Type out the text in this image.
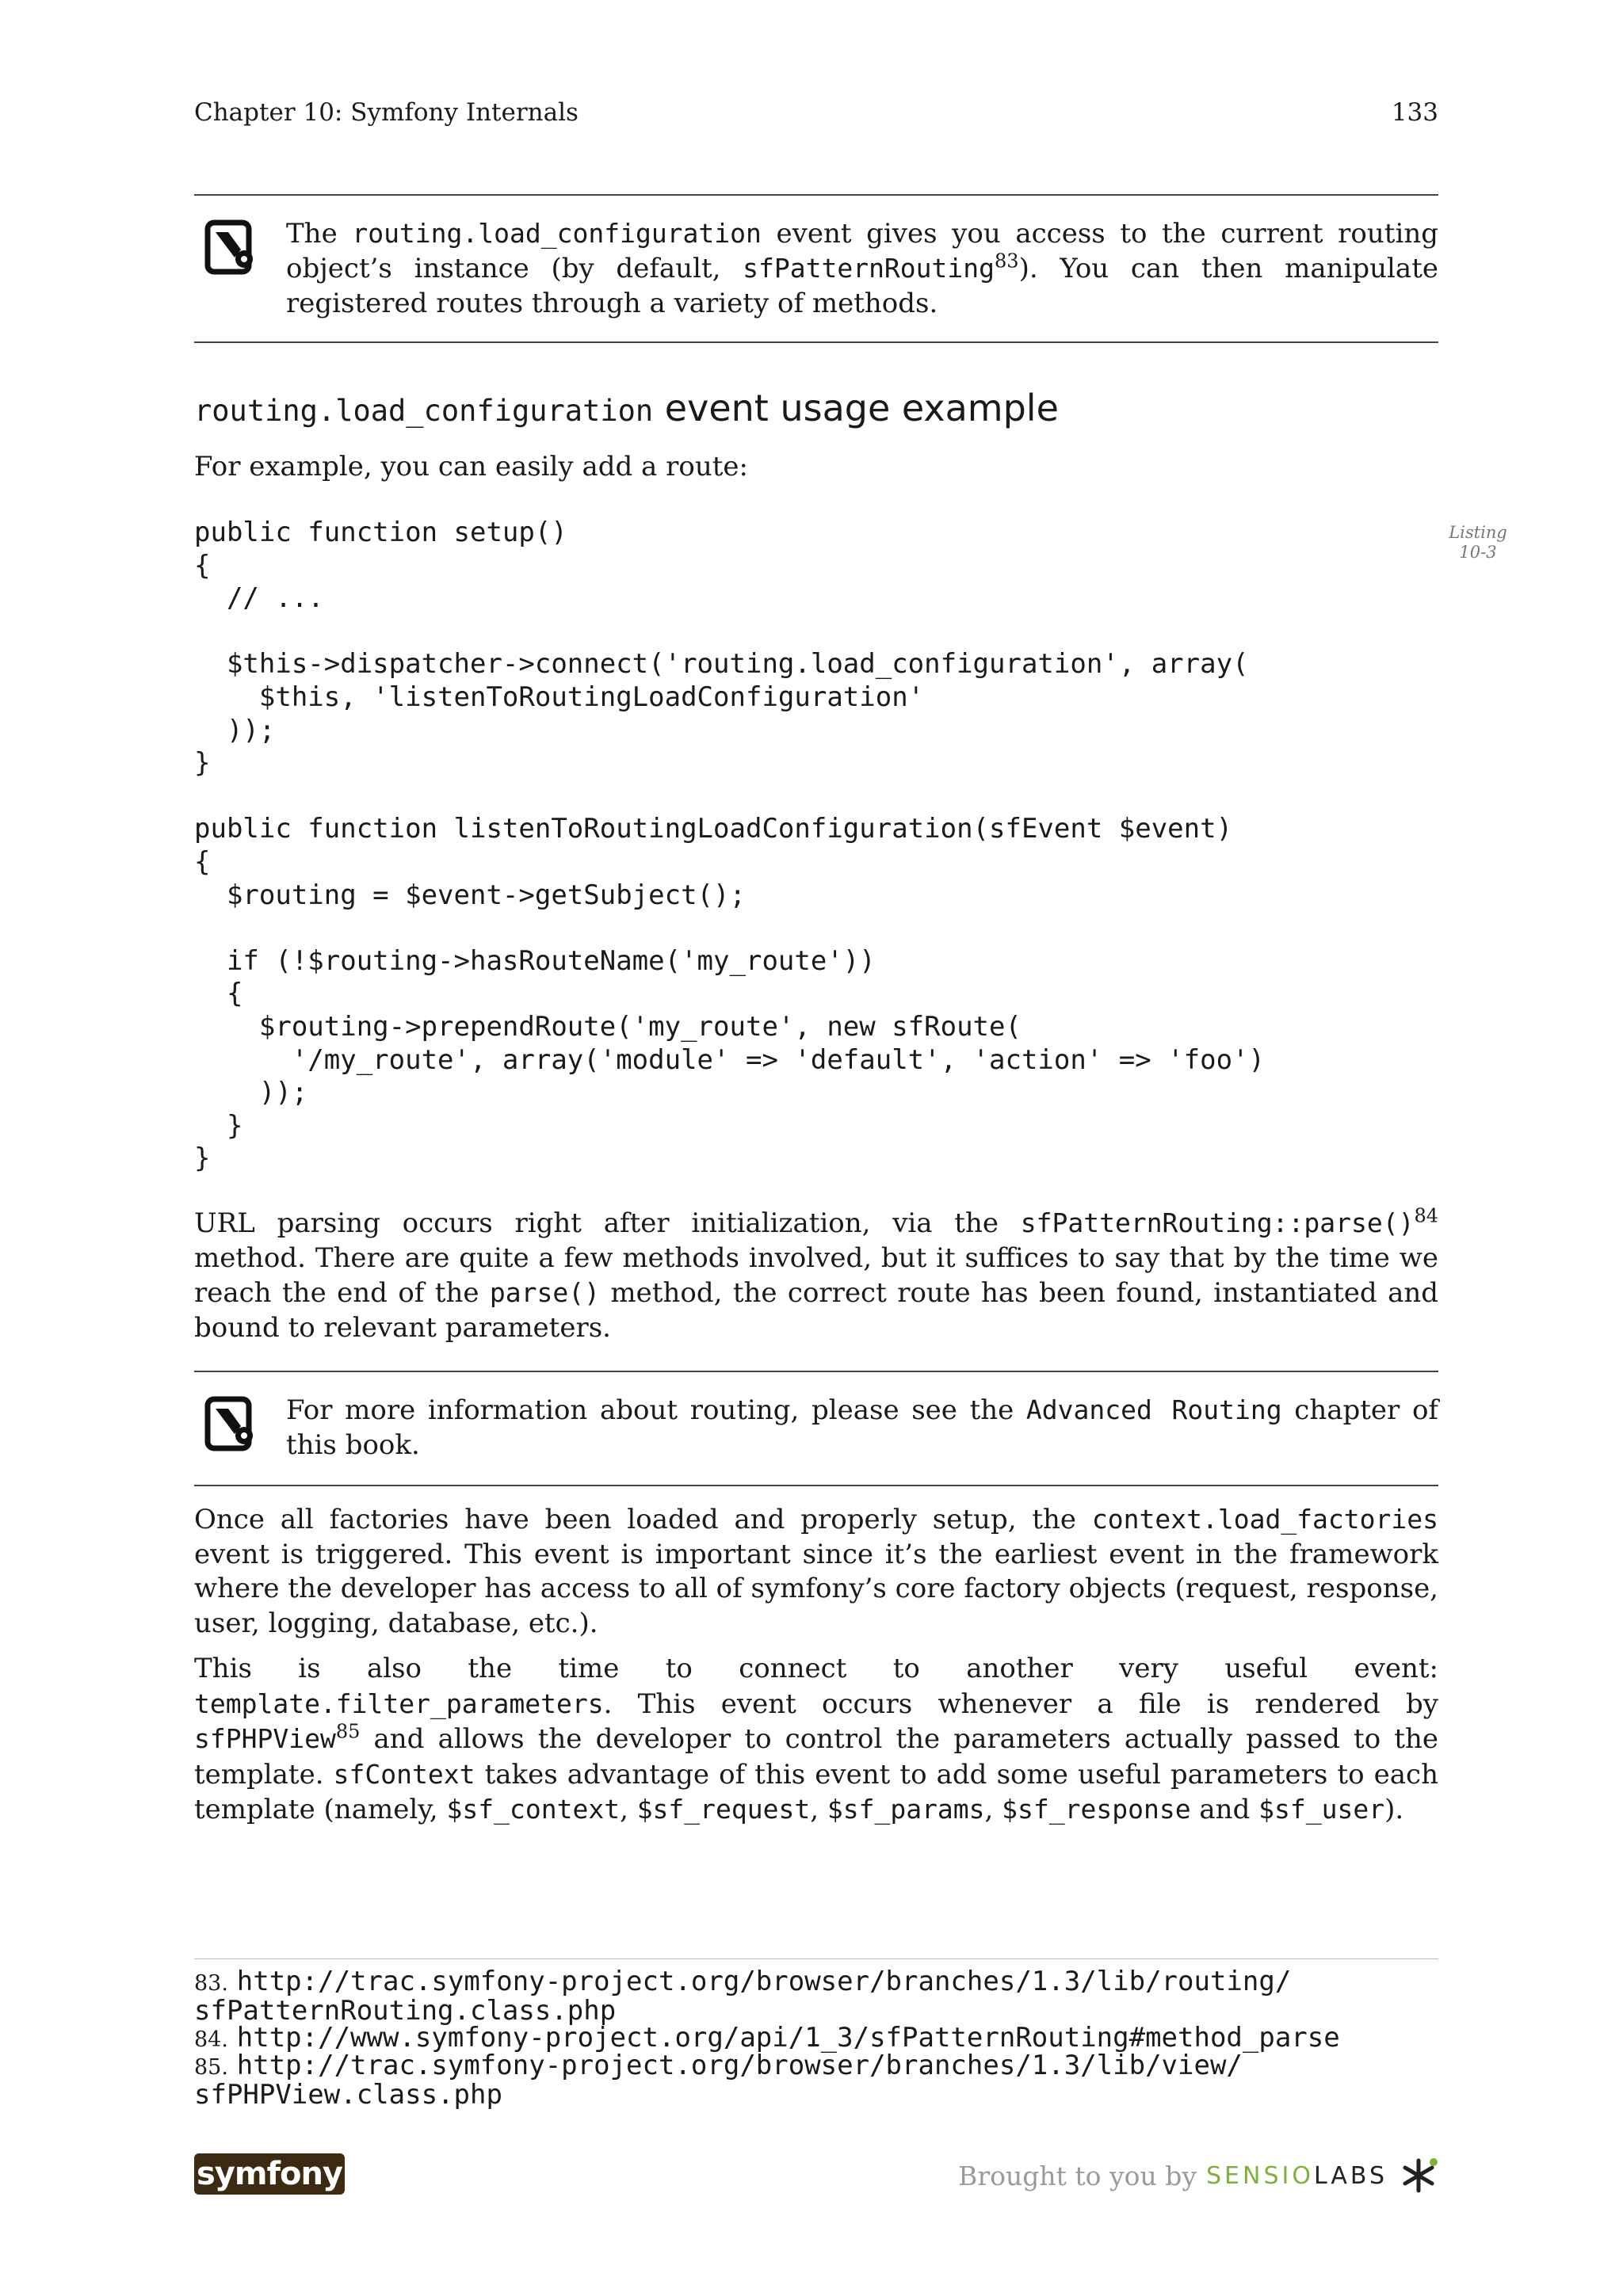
Chapter 10: Symfony Internals	133
The routing.load_configuration event gives you access to the current routing object’s instance (by default, sfPatternRouting$^{83}$). You can then manipulate registered routes through a variety of methods.
routing.load_configuration event usage example

For example, you can easily add a route:

Listing
10-3
public function setup()
{
// ...

$this->dispatcher->connect('routing.load_configuration', array(
$this, 'listenToRoutingLoadConfiguration'
));
}

public function listenToRoutingLoadConfiguration(sfEvent $event)
{
$routing = $event->getSubject();

if (!$routing->hasRouteName('my_route'))
{
$routing->prependRoute('my_route', new sfRoute(
'/my_route', array('module' => 'default', 'action' => 'foo')
));
}
}

URL parsing occurs right after initialization, via the sfPatternRouting::parse()$^{84}$ method. There are quite a few methods involved, but it suffices to say that by the time we reach the end of the parse() method, the correct route has been found, instantiated and bound to relevant parameters.

For more information about routing, please see the Advanced Routing chapter of this book.

Once all factories have been loaded and properly setup, the context.load_factories event is triggered. This event is important since it’s the earliest event in the framework where the developer has access to all of symfony’s core factory objects (request, response, user, logging, database, etc.).

This is also the time to connect to another very useful event: template.filter_parameters. This event occurs whenever a file is rendered by sfPHPView$^{85}$ and allows the developer to control the parameters actually passed to the template. sfContext takes advantage of this event to add some useful parameters to each template (namely, $sf_context, $sf_request, $sf_params, $sf_response and $sf_user).

83. http://trac.symfony-project.org/browser/branches/1.3/lib/routing/
sfPatternRouting.class.php
84. http://www.symfony-project.org/api/1_3/sfPatternRouting#method_parse
85. http://trac.symfony-project.org/browser/branches/1.3/lib/view/
sfPHPView.class.php
symfony	Brought to you by SENSIO LABS
